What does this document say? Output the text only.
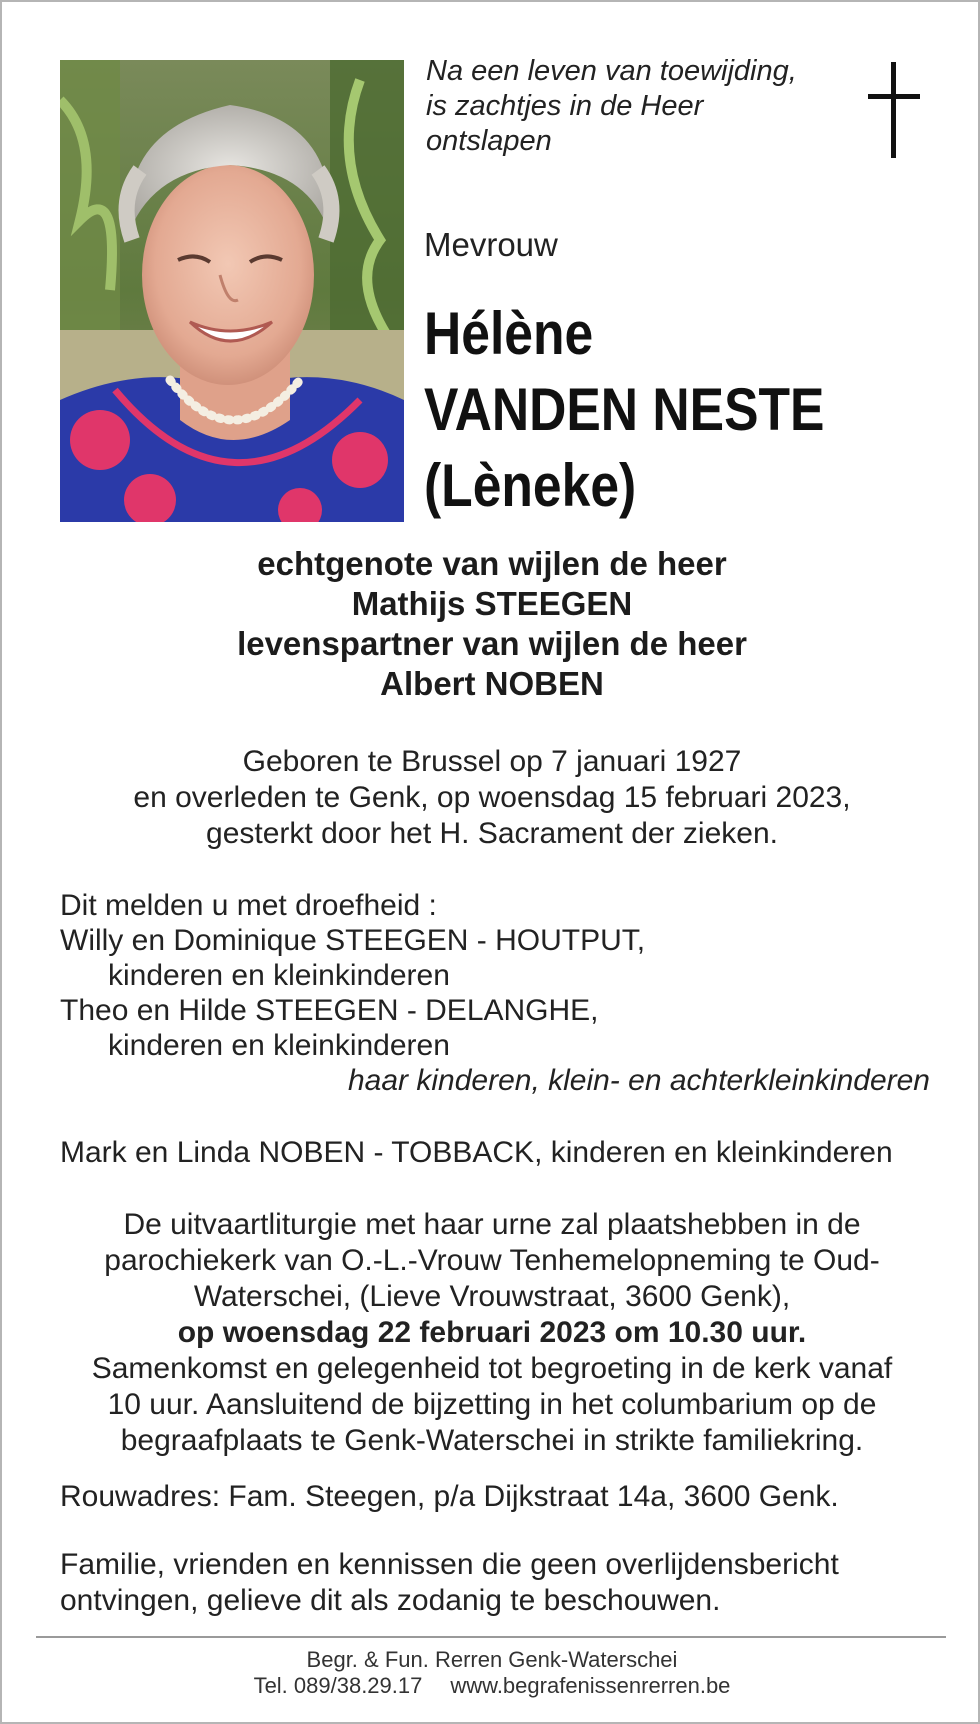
Na een leven van toewijding,
is zachtjes in de Heer
ontslapen
Mevrouw
Hélène
VANDEN NESTE
(Lèneke)
echtgenote van wijlen de heer
Mathijs STEEGEN
levenspartner van wijlen de heer
Albert NOBEN
Geboren te Brussel op 7 januari 1927
en overleden te Genk, op woensdag 15 februari 2023,
gesterkt door het H. Sacrament der zieken.
Dit melden u met droefheid :
Willy en Dominique STEEGEN - HOUTPUT,
kinderen en kleinkinderen
Theo en Hilde STEEGEN - DELANGHE,
kinderen en kleinkinderen
haar kinderen, klein- en achterkleinkinderen
Mark en Linda NOBEN - TOBBACK, kinderen en kleinkinderen
De uitvaartliturgie met haar urne zal plaatshebben in de
parochiekerk van O.-L.-Vrouw Tenhemelopneming te Oud-
Waterschei, (Lieve Vrouwstraat, 3600 Genk),
op woensdag 22 februari 2023 om 10.30 uur.
Samenkomst en gelegenheid tot begroeting in de kerk vanaf
10 uur. Aansluitend de bijzetting in het columbarium op de
begraafplaats te Genk-Waterschei in strikte familiekring.
Rouwadres: Fam. Steegen, p/a Dijkstraat 14a, 3600 Genk.
Familie, vrienden en kennissen die geen overlijdensbericht
ontvingen, gelieve dit als zodanig te beschouwen.
Begr. & Fun. Rerren Genk-Waterschei
Tel. 089/38.29.17 www.begrafenissenrerren.be
